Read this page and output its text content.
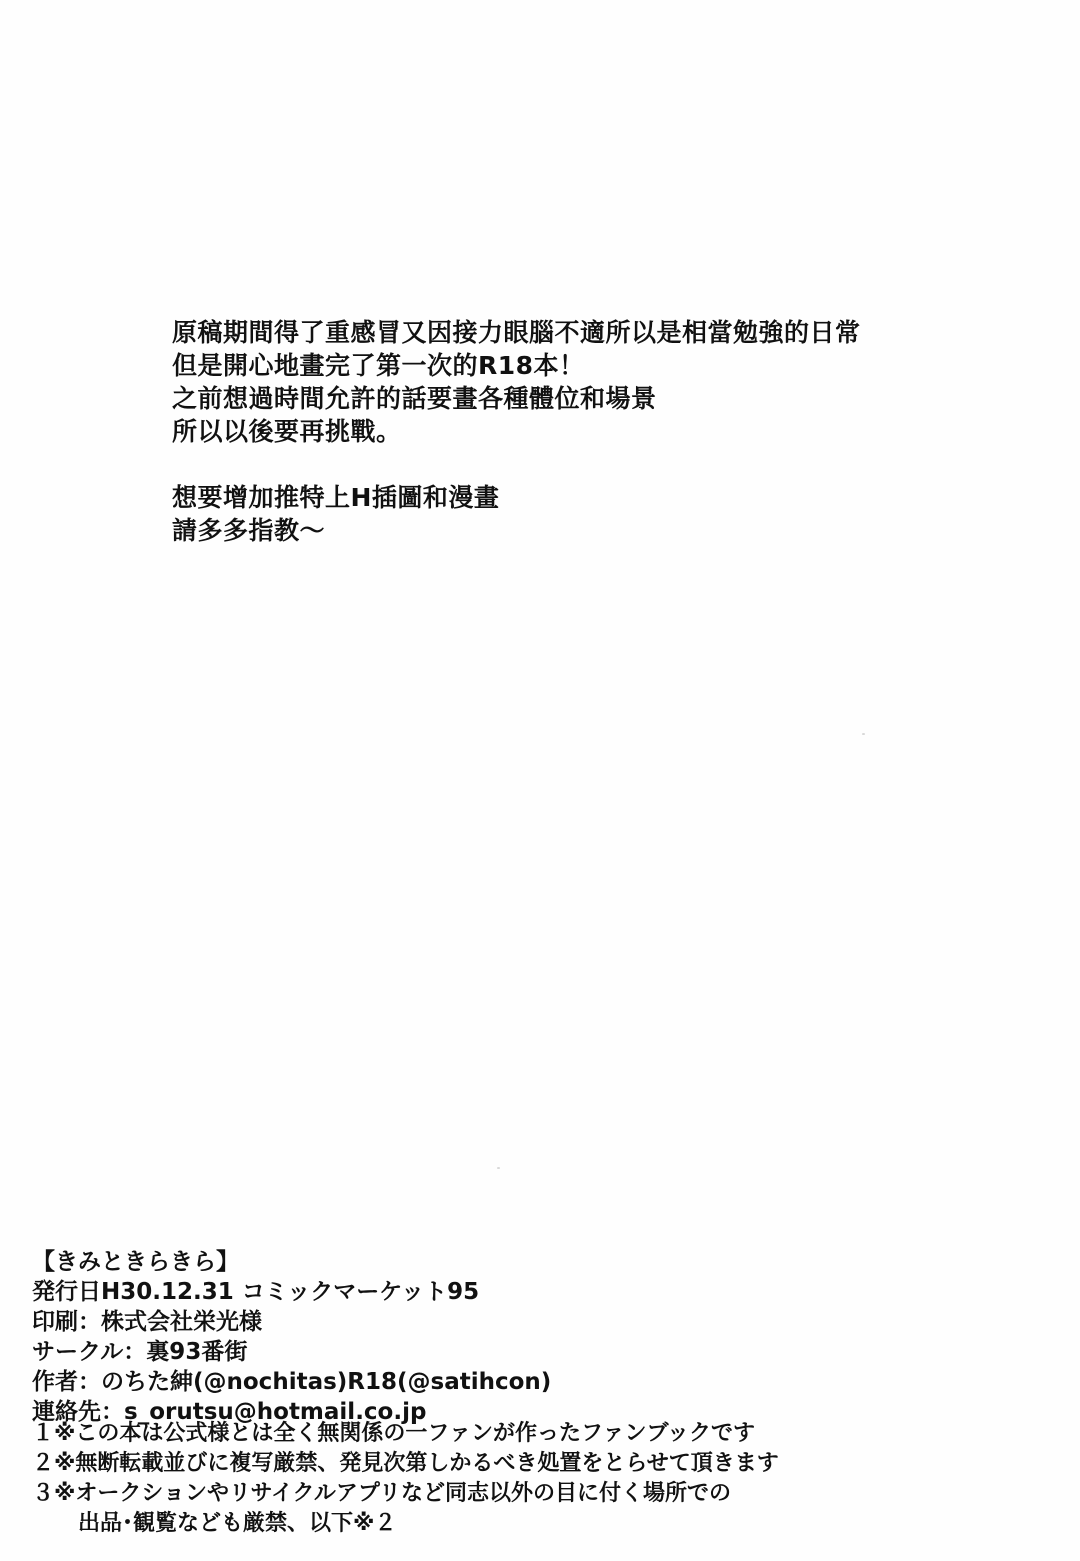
原稿期間得了重感冒又因接力眼腦不適所以是相當勉強的日常
但是開心地畫完了第一次的R18本！
之前想過時間允許的話要畫各種體位和場景
所以以後要再挑戰。
想要增加推特上H插圖和漫畫
請多多指教〜
【きみときらきら】
発行日H30.12.31 コミックマーケット95
印刷：株式会社栄光様
サークル：裏93番街
作者：のちた紳(@nochitas)R18(@satihcon)
連絡先：s_orutsu@hotmail.co.jp
１※この本は公式様とは全く無関係の一ファンが作ったファンブックです
２※無断転載並びに複写厳禁、発見次第しかるべき処置をとらせて頂きます
３※オークションやリサイクルアプリなど同志以外の目に付く場所での
出品･観覧なども厳禁、以下※２
